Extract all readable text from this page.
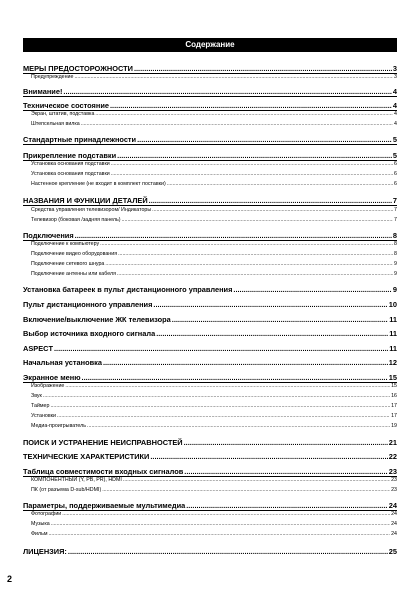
Содержание
МЕРЫ ПРЕДОСТОРОЖНОСТИ .....	3
Предупреждение .....	3
Внимание! .....	4
Техническое состояние .....	4
Экран, штатив, подставка .....	4
Штепсельная вилка .....	4
Стандартные принадлежности .....	5
Прикрепление подставки .....	5
Установка основания подставки .....	6
Установка основания подставки .....	6
Настенное крепление (не входит в комплект поставки) .....	6
НАЗВАНИЯ И ФУНКЦИИ ДЕТАЛЕЙ .....	7
Средства управления телевизором/ Индикаторы .....	7
Телевизор (боковая /задняя панель) .....	7
Подключения .....	8
Подключение к компьютеру .....	8
Подключение видео оборудования .....	8
Подключение сетевого шнура .....	9
Подключение антенны или кабеля .....	9
Установка батареек в пульт дистанционного управления .....	9
Пульт дистанционного управления .....	10
Включение/выключение ЖК телевизора .....	11
Выбор источника входного сигнала .....	11
ASPECT .....	11
Начальная установка .....	12
Экранное меню .....	15
Изображение .....	15
Звук .....	16
Таймер .....	17
Установки .....	17
Медиа-проигрыватель .....	19
ПОИСК И УСТРАНЕНИЕ НЕИСПРАВНОСТЕЙ .....	21
ТЕХНИЧЕСКИЕ ХАРАКТЕРИСТИКИ .....	22
Таблица совместимости входных сигналов .....	23
КОМПОНЕНТНЫЙ (Y, PB, PR), HDMI .....	23
ПК (от разъема D-sub/HDMI) .....	23
Параметры, поддерживаемые мультимедиа .....	24
Фотографии .....	24
Музыка .....	24
Фильм .....	24
ЛИЦЕНЗИЯ: .....	25
2
